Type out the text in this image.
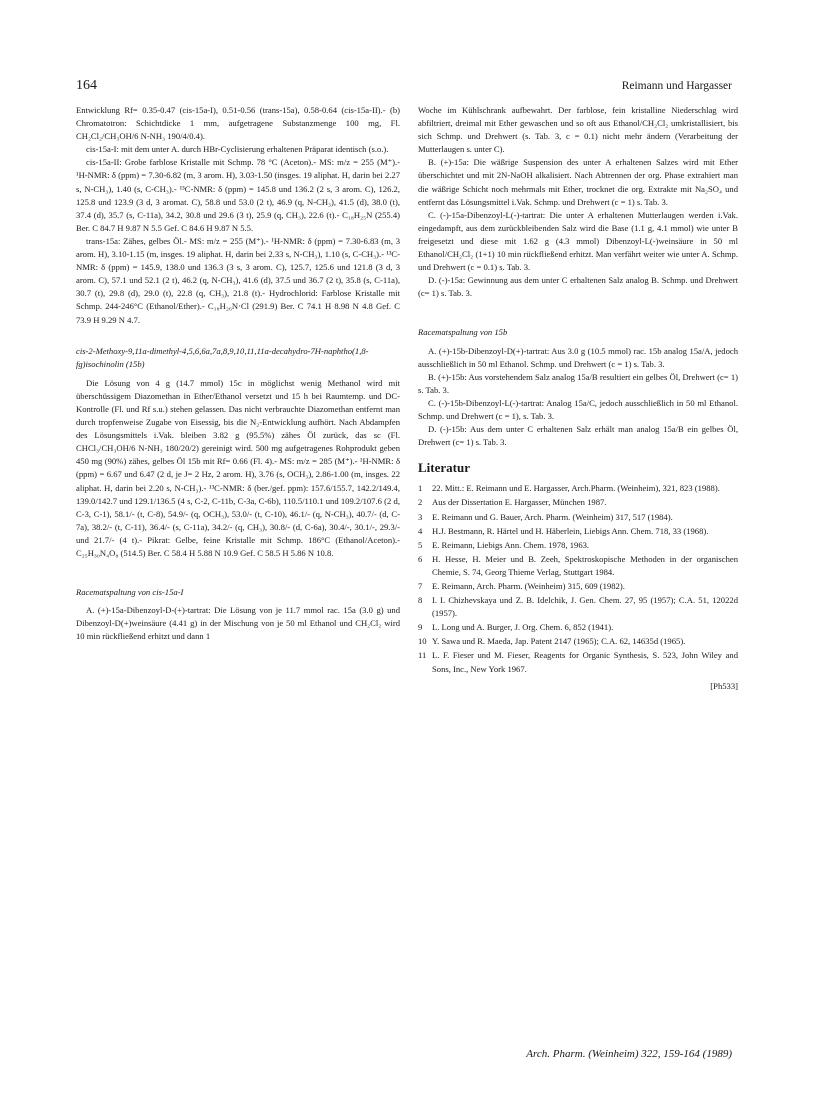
164	Reimann und Hargasser

Entwicklung Rf= 0.35-0.47 (cis-15a-I), 0.51-0.56 (trans-15a), 0.58-0.64 (cis-15a-II).- (b) Chromatotron: Schichtdicke 1 mm, aufgetragene Substanzmenge 100 mg, Fl. CH₂Cl₂/CH₃OH/6 N-NH₃ 190/4/0.4).

cis-15a-I: mit dem unter A. durch HBr-Cyclisierung erhaltenen Präparat identisch (s.o.).

cis-15a-II: Grobe farblose Kristalle mit Schmp. 78 °C (Aceton).- MS: m/z = 255 (M⁺).- ¹H-NMR: δ (ppm) = 7.30-6.82 (m, 3 arom. H), 3.03-1.50 (insges. 19 aliphat. H, darin bei 2.27 s, N-CH₃), 1.40 (s, C-CH₃).- ¹³C-NMR: δ (ppm) = 145.8 und 136.2 (2 s, 3 arom. C), 126.2, 125.8 und 123.9 (3 d, 3 aromat. C), 58.8 und 53.0 (2 t), 46.9 (q, N-CH₃), 41.5 (d), 38.0 (t), 37.4 (d), 35.7 (s, C-11a), 34.2, 30.8 und 29.6 (3 t), 25.9 (q, CH₃), 22.6 (t).- C₁₈H₂₅N (255.4) Ber. C 84.7 H 9.87 N 5.5 Gef. C 84.6 H 9.87 N 5.5.

trans-15a: Zähes, gelbes Öl.- MS: m/z = 255 (M⁺).- ¹H-NMR: δ (ppm) = 7.30-6.83 (m, 3 arom. H), 3.10-1.15 (m, insges. 19 aliphat. H, darin bei 2.33 s, N-CH₃), 1.10 (s, C-CH₃).- ¹³C-NMR: δ (ppm) = 145.9, 138.0 und 136.3 (3 s, 3 arom. C), 125.7, 125.6 und 121.8 (3 d, 3 arom. C), 57.1 und 52.1 (2 t), 46.2 (q, N-CH₃), 41.6 (d), 37.5 und 36.7 (2 t), 35.8 (s, C-11a), 30.7 (t), 29.8 (d), 29.0 (t), 22.8 (q, CH₃), 21.8 (t).- Hydrochlorid: Farblose Kristalle mit Schmp. 244-246°C (Ethanol/Ether).- C₁₈H₂₆N·Cl (291.9) Ber. C 74.1 H 8.98 N 4.8 Gef. C 73.9 H 9.29 N 4.7.

cis-2-Methoxy-9,11a-dimethyl-4,5,6,6a,7a,8,9,10,11,11a-decahydro-7H-naphtho(1,8-fg)isochinolin (15b)

Die Lösung von 4 g (14.7 mmol) 15c in möglichst wenig Methanol wird mit überschüssigem Diazomethan in Ether/Ethanol versetzt und 15 h bei Raumtemp. und DC-Kontrolle (Fl. und Rf s.u.) stehen gelassen. Das nicht verbrauchte Diazomethan entfernt man durch tropfenweise Zugabe von Eisessig, bis die N₂-Entwicklung aufhört. Nach Abdampfen des Lösungsmittels i.Vak. bleiben 3.82 g (95.5%) zähes Öl zurück, das sc (Fl. CHCl₃/CH₃OH/6 N-NH₃ 180/20/2) gereinigt wird. 500 mg aufgetragenes Rohprodukt geben 450 mg (90%) zähes, gelbes Öl 15b mit Rf= 0.66 (Fl. 4).- MS: m/z = 285 (M⁺).- ¹H-NMR: δ (ppm) = 6.67 und 6.47 (2 d, je J= 2 Hz, 2 arom. H), 3.76 (s, OCH₃), 2.86-1.00 (m, insges. 22 aliphat. H, darin bei 2.20 s, N-CH₃).- ¹³C-NMR: δ (ber./gef. ppm): 157.6/155.7, 142.2/149.4, 139.0/142.7 und 129.1/136.5 (4 s, C-2, C-11b, C-3a, C-6b), 110.5/110.1 und 109.2/107.6 (2 d, C-3, C-1), 58.1/- (t, C-8), 54.9/- (q, OCH₃), 53.0/- (t, C-10), 46.1/- (q, N-CH₃), 40.7/- (d, C-7a), 38.2/- (t, C-11), 36.4/- (s, C-11a), 34.2/- (q, CH₃), 30.8/- (d, C-6a), 30.4/-, 30.1/-, 29.3/- und 21.7/- (4 t).- Pikrat: Gelbe, feine Kristalle mit Schmp. 186°C (Ethanol/Aceton).- C₂₅H₃₀N₄O₈ (514.5) Ber. C 58.4 H 5.88 N 10.9 Gef. C 58.5 H 5.86 N 10.8.

Racematspaltung von cis-15a-I

A. (+)-15a-Dibenzoyl-D-(+)-tartrat: Die Lösung von je 11.7 mmol rac. 15a (3.0 g) und Dibenzoyl-D(+)weinsäure (4.41 g) in der Mischung von je 50 ml Ethanol und CH₂Cl₂ wird 10 min rückfließend erhitzt und dann 1

Woche im Kühlschrank aufbewahrt. Der farblose, fein kristalline Niederschlag wird abfiltriert, dreimal mit Ether gewaschen und so oft aus Ethanol/CH₂Cl₂ umkristallisiert, bis sich Schmp. und Drehwert (s. Tab. 3, c = 0.1) nicht mehr ändern (Verarbeitung der Mutterlaugen s. unter C).

B. (+)-15a: Die wäßrige Suspension des unter A erhaltenen Salzes wird mit Ether überschichtet und mit 2N-NaOH alkalisiert. Nach Abtrennen der org. Phase extrahiert man die wäßrige Schicht noch mehrmals mit Ether, trocknet die org. Extrakte mit Na₂SO₄ und entfernt das Lösungsmittel i.Vak. Schmp. und Drehwert (c = 1) s. Tab. 3.

C. (-)-15a-Dibenzoyl-L(-)-tartrat: Die unter A erhaltenen Mutterlaugen werden i.Vak. eingedampft, aus dem zurückbleibenden Salz wird die Base (1.1 g, 4.1 mmol) wie unter B freigesetzt und diese mit 1.62 g (4.3 mmol) Dibenzoyl-L(-)weinsäure in 50 ml Ethanol/CH₂Cl₂ (1+1) 10 min rückfließend erhitzt. Man verfährt weiter wie unter A. Schmp. und Drehwert (c = 0.1) s. Tab. 3.

D. (-)-15a: Gewinnung aus dem unter C erhaltenen Salz analog B. Schmp. und Drehwert (c= 1) s. Tab. 3.

Racematspaltung von 15b

A. (+)-15b-Dibenzoyl-D(+)-tartrat: Aus 3.0 g (10.5 mmol) rac. 15b analog 15a/A, jedoch ausschließlich in 50 ml Ethanol. Schmp. und Drehwert (c = 1) s. Tab. 3.

B. (+)-15b: Aus vorstehendem Salz analog 15a/B resultiert ein gelbes Öl, Drehwert (c= 1) s. Tab. 3.

C. (-)-15b-Dibenzoyl-L(-)-tartrat: Analog 15a/C, jedoch ausschließlich in 50 ml Ethanol. Schmp. und Drehwert (c = 1), s. Tab. 3.

D. (-)-15b: Aus dem unter C erhaltenen Salz erhält man analog 15a/B ein gelbes Öl, Drehwert (c= 1) s. Tab. 3.

Literatur

1 22. Mitt.: E. Reimann und E. Hargasser, Arch.Pharm. (Weinheim), 321, 823 (1988).
2 Aus der Dissertation E. Hargasser, München 1987.
3 E. Reimann und G. Bauer, Arch. Pharm. (Weinheim) 317, 517 (1984).
4 H.J. Bestmann, R. Härtel und H. Häberlein, Liebigs Ann. Chem. 718, 33 (1968).
5 E. Reimann, Liebigs Ann. Chem. 1978, 1963.
6 H. Hesse, H. Meier und B. Zeeh, Spektroskopische Methoden in der organischen Chemie, S. 74, Georg Thieme Verlag, Stuttgart 1984.
7 E. Reimann, Arch. Pharm. (Weinheim) 315, 609 (1982).
8 I. I. Chizhevskaya und Z. B. Idelchik, J. Gen. Chem. 27, 95 (1957); C.A. 51, 12022d (1957).
9 L. Long und A. Burger, J. Org. Chem. 6, 852 (1941).
10 Y. Sawa und R. Maeda, Jap. Patent 2147 (1965); C.A. 62, 14635d (1965).
11 L. F. Fieser und M. Fieser, Reagents for Organic Synthesis, S. 523, John Wiley and Sons, Inc., New York 1967.

[Ph533]

Arch. Pharm. (Weinheim) 322, 159-164 (1989)
